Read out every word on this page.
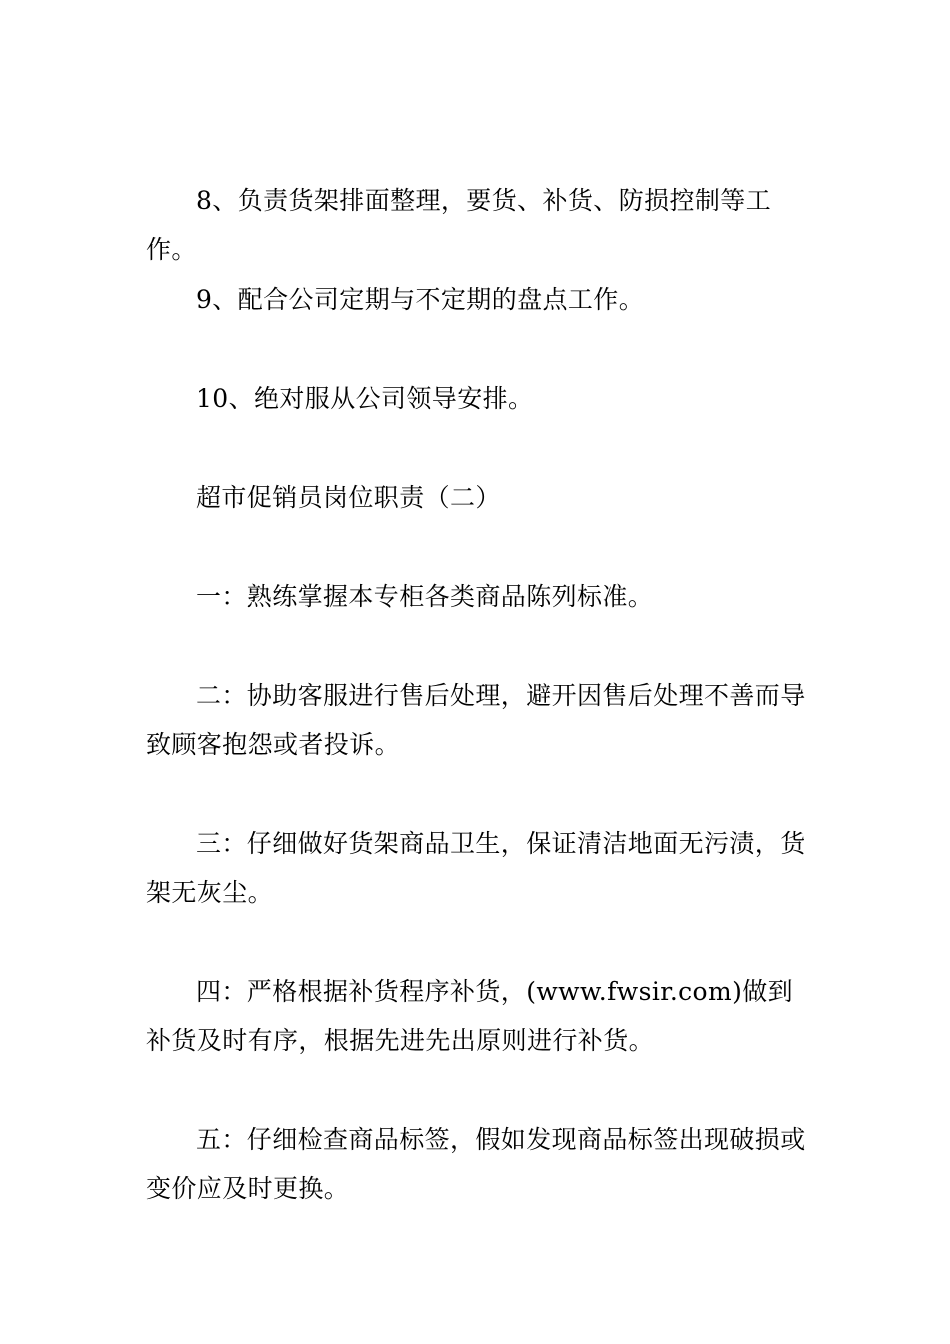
8、负责货架排面整理，要货、补货、防损控制等工作。

9、配合公司定期与不定期的盘点工作。

10、绝对服从公司领导安排。

超市促销员岗位职责（二）

一：熟练掌握本专柜各类商品陈列标准。

二：协助客服进行售后处理，避开因售后处理不善而导致顾客抱怨或者投诉。

三：仔细做好货架商品卫生，保证清洁地面无污渍，货架无灰尘。

四：严格根据补货程序补货，(www.fwsir.com)做到补货及时有序，根据先进先出原则进行补货。

五：仔细检查商品标签，假如发现商品标签出现破损或变价应及时更换。
